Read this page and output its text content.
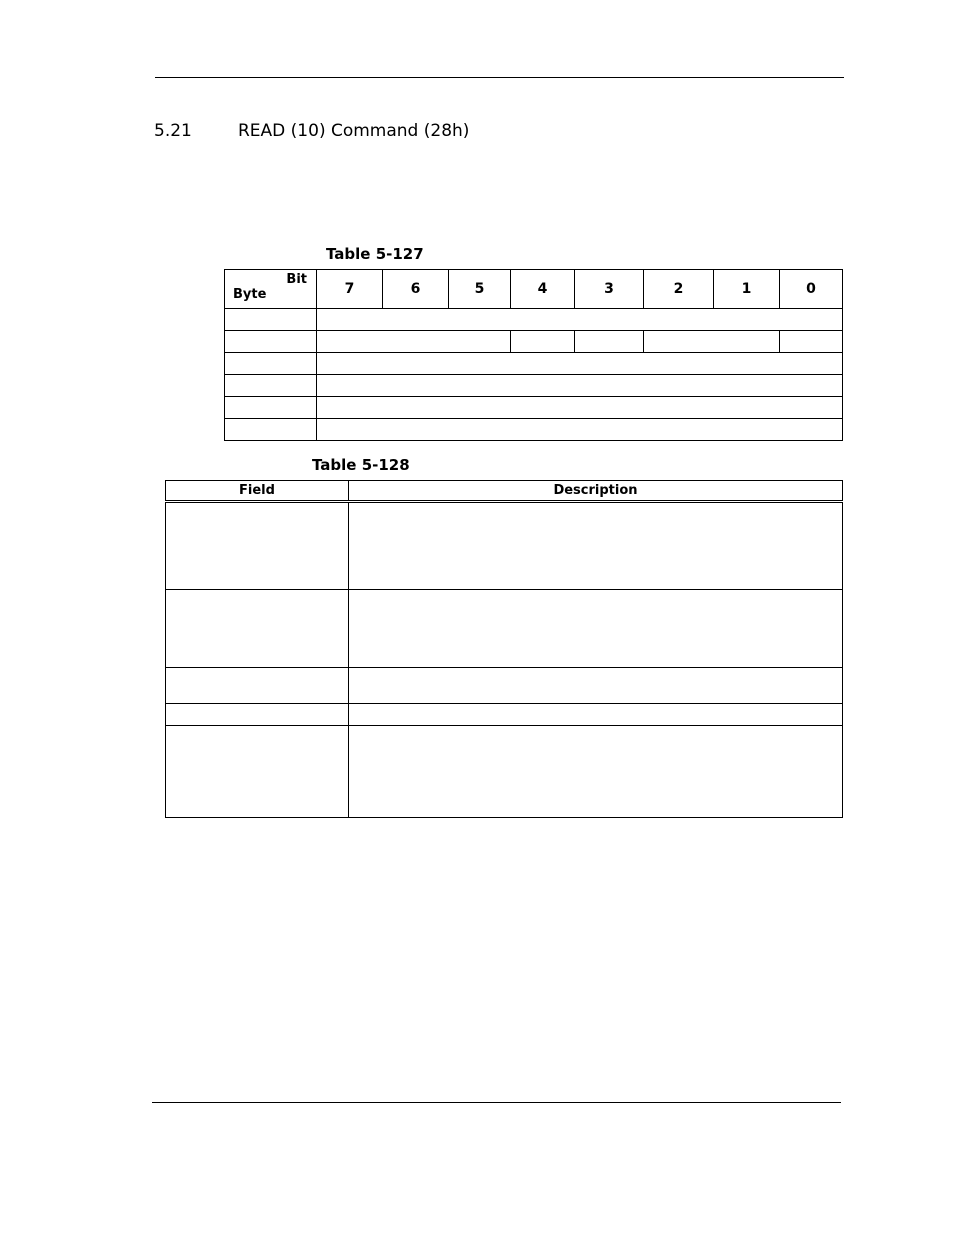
5.21	READ (10) Command (28h)

Table 5-127

Bit
Byte	7	6	5	4	3	2	1	0

Table 5-128

Field	Description
